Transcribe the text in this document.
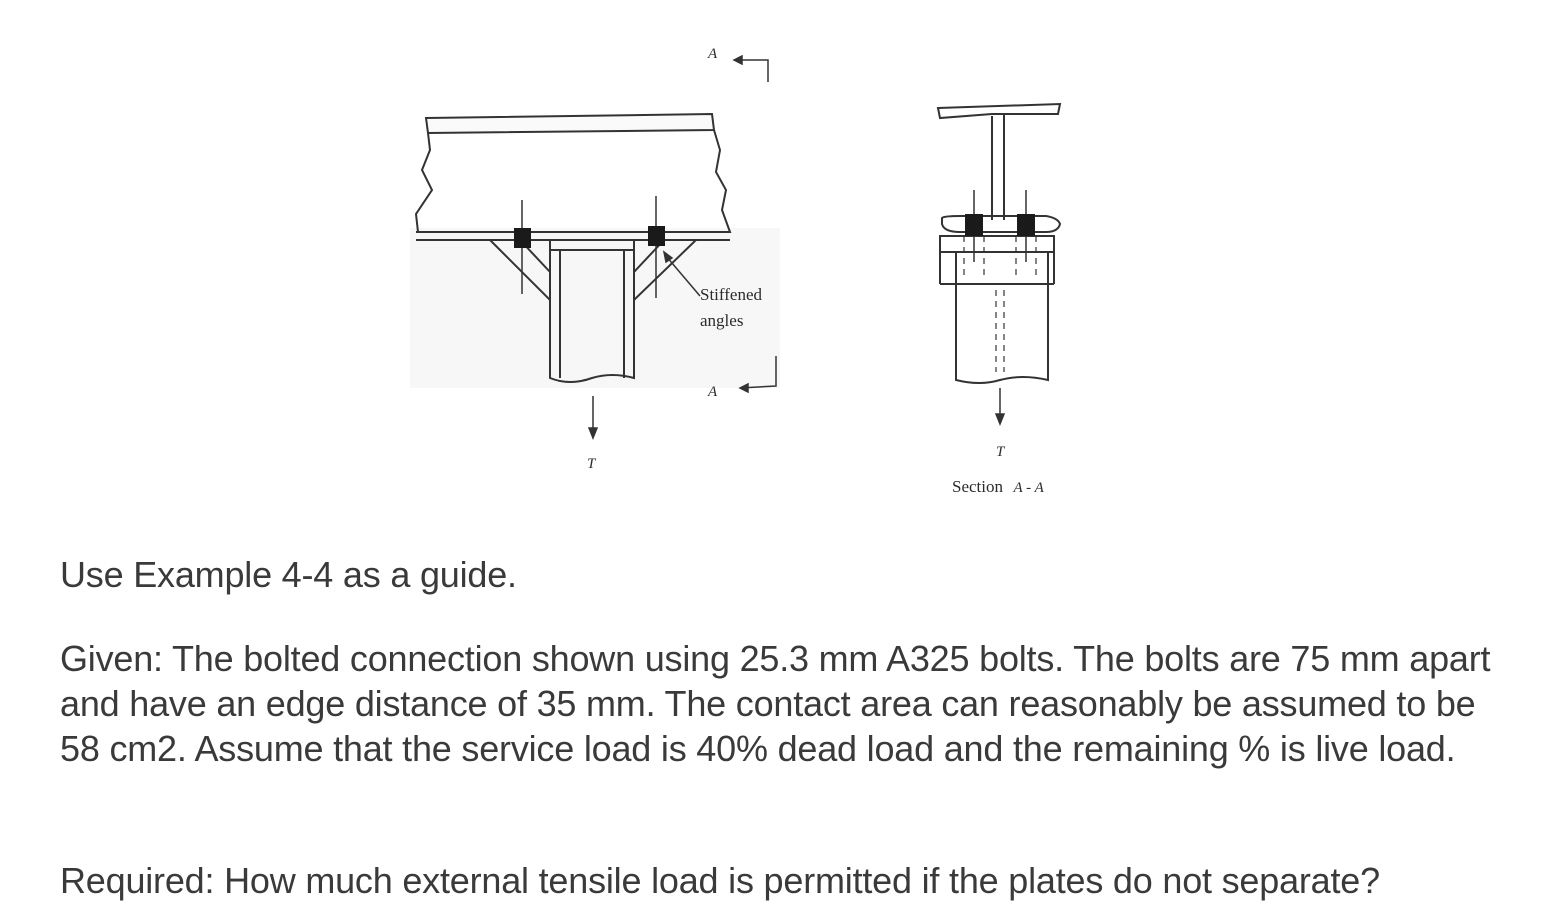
A
A
Stiffened
angles
T
T
Section A - A
Use Example 4-4 as a guide.
Given: The bolted connection shown using 25.3 mm A325 bolts. The bolts are 75 mm apart and have an edge distance of 35 mm. The contact area can reasonably be assumed to be 58 cm2. Assume that the service load is 40% dead load and the remaining % is live load.
Required: How much external tensile load is permitted if the plates do not separate?
